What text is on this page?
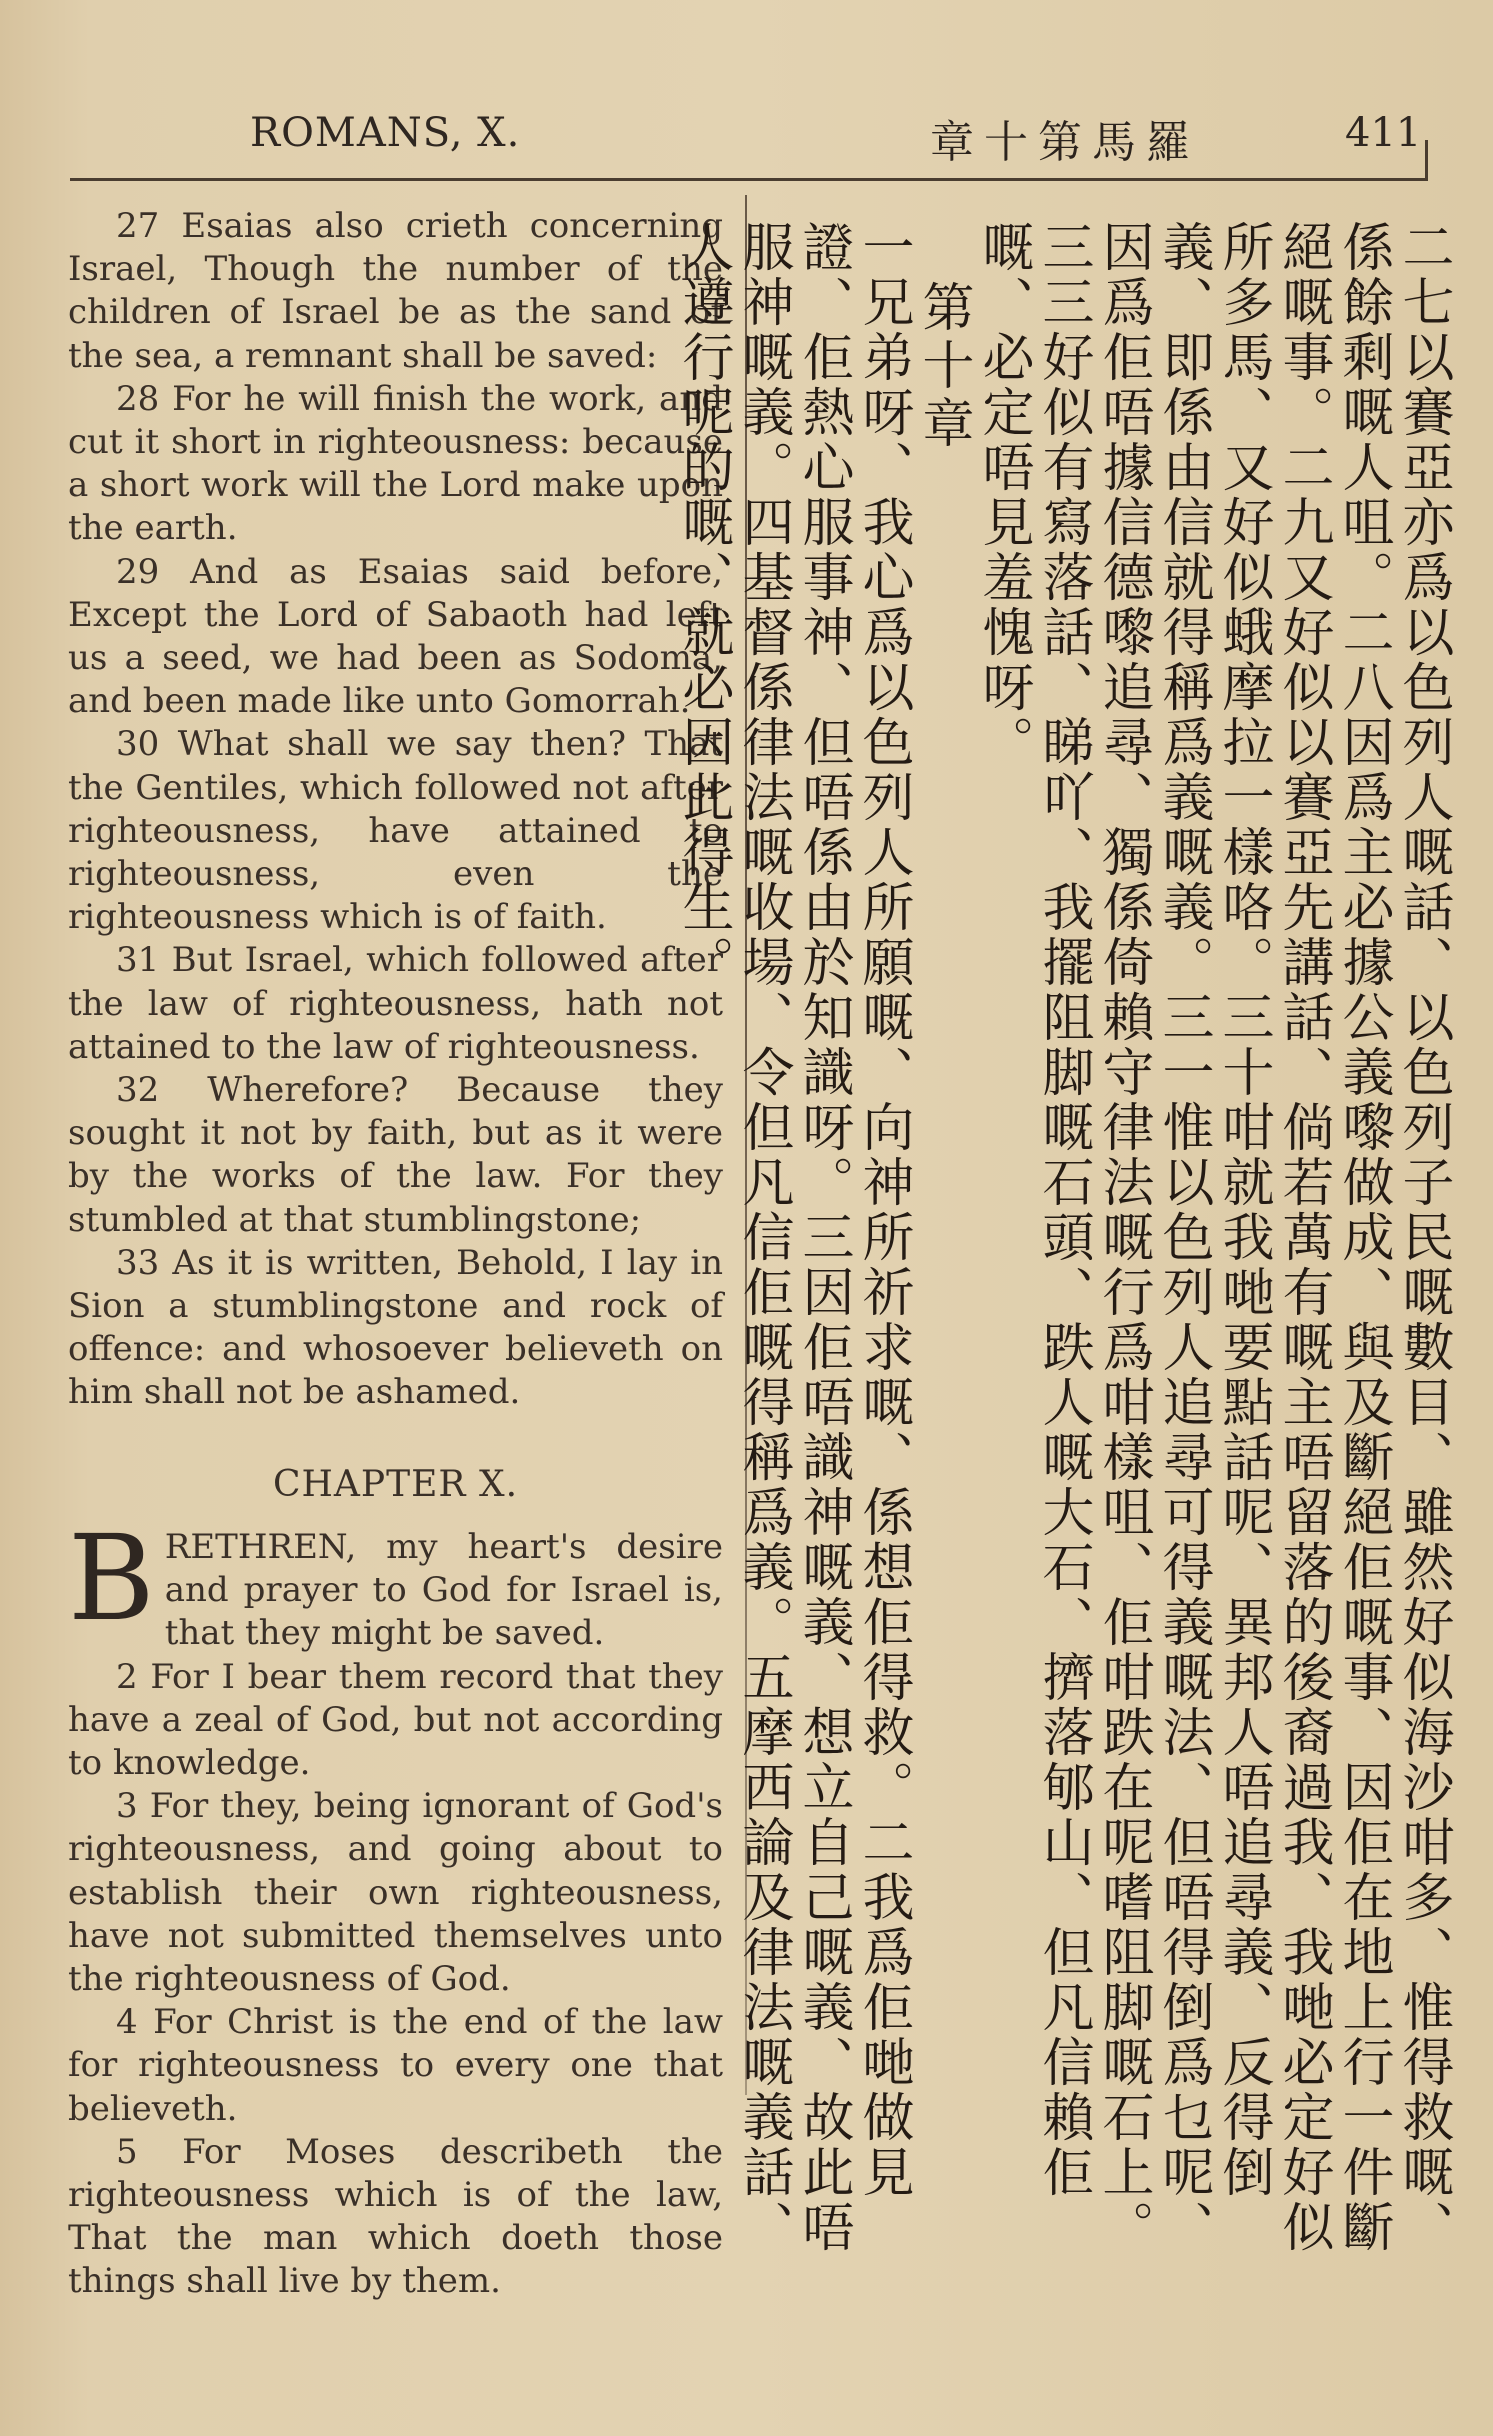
ROMANS, X.	章十第馬羅	411

27 Esaias also crieth concerning Israel, Though the number of the children of Israel be as the sand of the sea, a remnant shall be saved:

28 For he will finish the work, and cut it short in righteousness: because a short work will the Lord make upon the earth.

29 And as Esaias said before, Except the Lord of Sabaoth had left us a seed, we had been as Sodoma, and been made like unto Gomorrah.

30 What shall we say then? That the Gentiles, which followed not after righteousness, have attained to righteousness, even the righteousness which is of faith.

31 But Israel, which followed after the law of righteousness, hath not attained to the law of righteousness.

32 Wherefore? Because they sought it not by faith, but as it were by the works of the law. For they stumbled at that stumblingstone;

33 As it is written, Behold, I lay in Sion a stumblingstone and rock of offence: and whosoever believeth on him shall not be ashamed.

CHAPTER X.

BRETHREN, my heart's desire and prayer to God for Israel is, that they might be saved.

2 For I bear them record that they have a zeal of God, but not according to knowledge.

3 For they, being ignorant of God's righteousness, and going about to establish their own righteousness, have not submitted themselves unto the righteousness of God.

4 For Christ is the end of the law for righteousness to every one that believeth.

5 For Moses describeth the righteousness which is of the law, That the man which doeth those things shall live by them.

二七以賽亞亦爲以色列人嘅話、以色列子民嘅數目、雖然好似海沙咁多、惟得救嘅、係餘剩嘅人咀。二八因爲主必據公義嚟做成、與及斷絕佢嘅事、因佢在地上行一件斷絕嘅事。二九又好似以賽亞先講話、倘若萬有嘅主唔留落的後裔過我、我哋必定好似所多馬、又好似蛾摩拉一樣咯。三十咁就我哋要點話呢、異邦人唔追尋義、反得倒義、即係由信就得稱爲義嘅義。三一惟以色列人追尋可得義嘅法、但唔得倒爲乜呢、因爲佢唔據信德嚟追尋、獨係倚賴守律法嘅行爲咁樣咀、佢咁跌在呢嗜阻脚嘅石上。三三好似有寫落話、睇吖、我擺阻脚嘅石頭、跌人嘅大石、擠落郇山、但凡信賴佢嘅、必定唔見羞愧呀。

第十章

一兄弟呀、我心爲以色列人所願嘅、向神所祈求嘅、係想佢得救。二我爲佢哋做見證、佢熱心服事神、但唔係由於知識呀。三因佢唔識神嘅義、想立自己嘅義、故此唔服神嘅義。四基督係律法嘅收場、令但凡信佢嘅得稱爲義。五摩西論及律法嘅義話、人遵行呢的嘅、就必因此得生。
